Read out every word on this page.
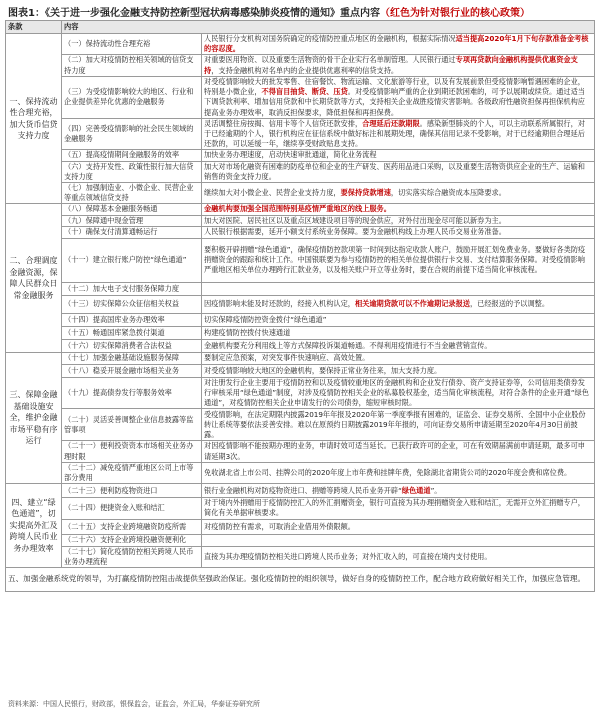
图表1：《关于进一步强化金融支持防控新型冠状病毒感染肺炎疫情的通知》重点内容（红色为针对银行业的核心政策）
条款	内容	
一、保持流动性合理充裕，加大货币信贷支持力度	（一）保持流动性合理充裕	人民银行分支机构对国务院确定的疫情防控重点地区的金融机构，根据实际情况适当提高2020年1月下旬存款准备金考核的容忍度。
	（二）加大对疫情防控相关领域的信贷支持力度	对重要医用物资、以及重要生活物资的骨干企业实行名单制管理。人民银行通过专项再贷款向金融机构提供优惠资金支持，支持金融机构对名单内的企业提供优惠利率的信贷支持。
	（三）为受疫情影响较大的地区、行业和企业提供差异化优惠的金融服务	对受疫情影响较大的批发零售、住宿餐饮、物流运输、文化旅游等行业，以及有发展前景但受疫情影响暂遇困难的企业，特别是小微企业，不得盲目抽贷、断贷、压贷。对受疫情影响严重的企业到期还款困难的，可予以展期或续贷。通过适当下调贷款利率、增加信用贷款和中长期贷款等方式，支持相关企业战胜疫情灾害影响。各级政府性融资担保再担保机构应提高业务办理效率，取消反担保要求，降低担保和再担保费。
	（四）完善受疫情影响的社会民生领域的金融服务	灵活调整住房按揭、信用卡等个人信贷还款安排，合理延后还款期限。感染新型肺炎的个人，可以主动联系所属银行，对于已经逾期的个人，银行机构应在征信系统中做好标注和展期处理，确保其信用记录不受影响，对于已经逾期但合理延后还款的，可以延缓一年，继续享受财政贴息支持。
	（五）提高疫情期间金融服务的效率	加快业务办理速度，启动快速审批通道，简化业务流程
	（六）支持开发性、政策性银行加大信贷支持力度	加大对市场化融资有困难的防疫单位和企业的生产研发、医药用品进口采购，以及重要生活物资供应企业的生产、运输和销售的资金支持力度。
	（七）加强制造业、小微企业、民营企业等重点领域信贷支持	继续加大对小微企业、民营企业支持力度，要保持贷款增速，切实落实综合融资成本压降要求。
二、合理调度金融资源，保障人民群众日常金融服务	（八）保障基本金融服务畅通	金融机构要加强全国范围特别是疫情严重地区的线上服务。
	（九）保障通中现金管理	加大对医院、居民社区以及重点区域建设项目等的现金供应，对外付出现金尽可能以新券为主。
	（十）确保支付清算通畅运行	人民银行根据需要，延开小额支付系统业务保障。要为金融机构线上办理人民币交易业务准备。
	（十一）建立银行账户防控“绿色通道”	要积极开辟捐赠“绿色通道”，确保疫情防控款项第一时间到达指定收款人账户，鼓励开展汇划免费业务。要做好各类防疫捐赠资金的跟踪和统计工作。中国银联要为参与疫情防控的相关单位提供银行卡交易、支付结算服务保障。对受疫情影响严重地区相关单位办理跨行汇款业务，以及相关账户开立等业务时，要在合规的前提下适当简化审核流程。
	（十二）加大电子支付服务保障力度	
	（十三）切实保障公众征信相关权益	因疫情影响未能及时还款的，经接入机构认定，相关逾期贷款可以不作逾期记录报送，已经报送的予以调整。
	（十四）提高国库业务办理效率	切实保障疫情防控资金拨付“绿色通道”
	（十五）畅通国库紧急拨付渠道	构建疫情防控拨付快速通道
	（十六）切实保障消费者合法权益	金融机构要充分利用线上等方式保障投诉渠道畅通。不得利用疫情进行不当金融营销宣传。
三、保障金融基础设施安全，维护金融市场平稳有序运行	（十七）加强金融基础设施服务保障	要制定应急预案，对突发事件快速响应、高效处置。
	（十八）稳妥开展金融市场相关业务	对受疫情影响较大地区的金融机构，要保持正常业务往来，加大支持力度。
	（十九）提高债券发行等服务效率	对注册发行企业主要用于疫情防控和以及疫情较重地区的金融机构和企业发行债券、资产支持证券等，公司信用类债券发行审核采用“绿色通道”制度，对涉及疫情防控相关企业的私募股权基金，适当简化审核流程，对符合条件的企业开通“绿色通道”，对疫情防控相关企业申请发行的公司债券，缩短审核时限。
	（二十）灵活妥善调整企业信息披露等监管事项	受疫情影响，在法定期限内披露2019年年报及2020年第一季度季报有困难的，证监会、证券交易所、全国中小企业股份转让系统等要依法妥善安排。难以在原预约日期披露2019年年报的，可向证券交易所申请延期至2020年4月30日前披露。
	（二十一）便利投资资本市场相关业务办理时限	对因疫情影响不能按期办理的业务，申请时效可适当延长。已获行政许可的企业，可在有效期届满前申请延期，最多可申请延期3次。
	（二十二）减免疫情严重地区公司上市等部分费用	免收湖北省上市公司、挂牌公司的2020年度上市年费和挂牌年费，免除湖北省期货公司的2020年度会费和席位费。
四、建立“绿色通道”，切实提高外汇及跨境人民币业务办理效率	（二十三）便利防疫物资进口	银行业金融机构对防疫物资进口、捐赠等跨境人民币业务开辟“绿色通道”。
	（二十四）便捷资金入账和结汇	对于境内外捐赠用于疫情防控汇入的外汇捐赠资金，银行可直接为其办理捐赠资金入账和结汇，无需开立外汇捐赠专户，简化有关单据审核要求。
	（二十五）支持企业跨境融资防疫所需	对疫情防控有需求，可取消企业借用外债限额。
	（二十六）支持企业跨境投融资便利化	
	（二十七）简化疫情防控相关跨境人民币业务办理流程	直接为其办理疫情防控相关进口跨境人民币业务；对外汇收入的，可直接在境内支付使用。
五、加强金融系统党的领导，为打赢疫情防控阻击战提供坚强政治保证。强化疫情防控的组织领导，做好自身的疫情防控工作，配合地方政府做好相关工作，加强应急管理。		
资料来源：中国人民银行，财政部，银保监会，证监会，外汇局，华泰证券研究所
